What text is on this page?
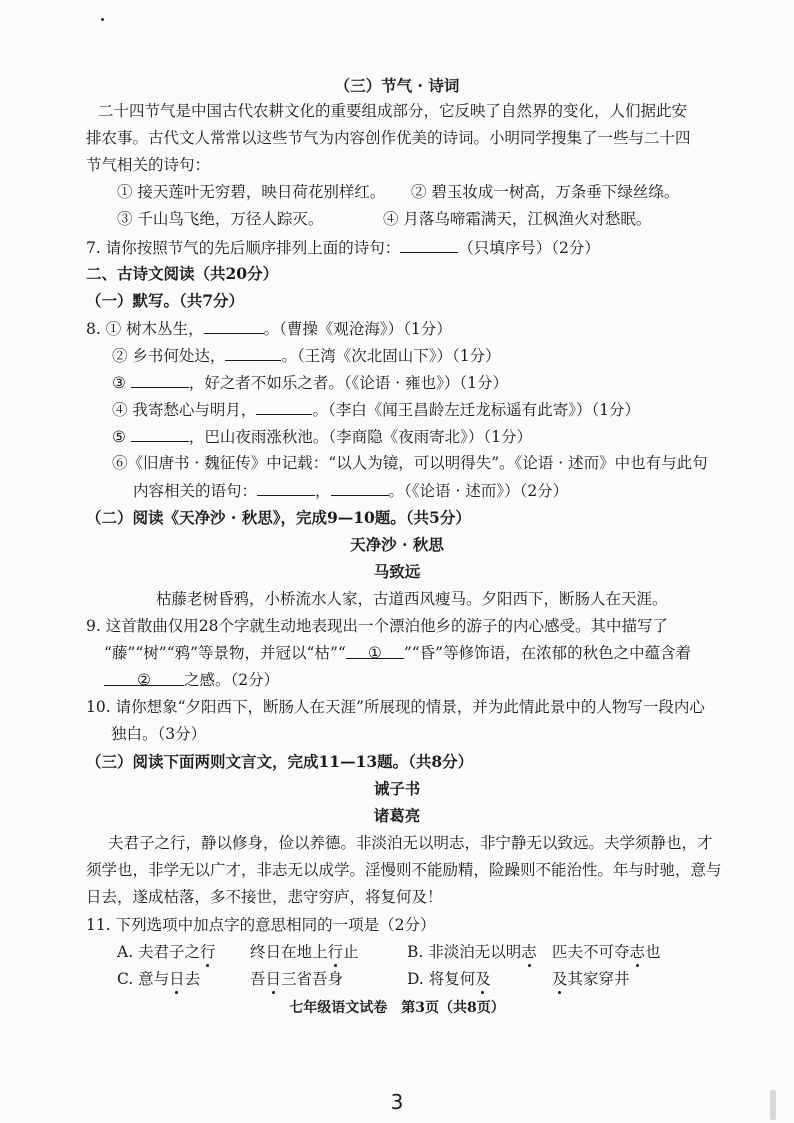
（三）节气 · 诗词
二十四节气是中国古代农耕文化的重要组成部分，它反映了自然界的变化，人们据此安
排农事。古代文人常常以这些节气为内容创作优美的诗词。小明同学搜集了一些与二十四
节气相关的诗句：
① 接天莲叶无穷碧，映日荷花别样红。 ② 碧玉妆成一树高，万条垂下绿丝绦。
③ 千山鸟飞绝，万径人踪灭。	④ 月落乌啼霜满天，江枫渔火对愁眠。
7. 请你按照节气的先后顺序排列上面的诗句：	（只填序号）（2分）
二、古诗文阅读（共20分）
（一）默写。（共7分）
8. ① 树木丛生，	。（曹操《观沧海》）（1分）
② 乡书何处达，	。（王湾《次北固山下》）（1分）
③	，好之者不如乐之者。（《论语 · 雍也》）（1分）
④ 我寄愁心与明月，	。（李白《闻王昌龄左迁龙标遥有此寄》）（1分）
⑤	，巴山夜雨涨秋池。（李商隐《夜雨寄北》）（1分）
⑥《旧唐书 · 魏征传》中记载：“以人为镜，可以明得失”。《论语 · 述而》中也有与此句
内容相关的语句：	，	。（《论语 · 述而》）（2分）
（二）阅读《天净沙 · 秋思》，完成9—10题。（共5分）
天净沙 · 秋思
马致远
枯藤老树昏鸦，小桥流水人家，古道西风瘦马。夕阳西下，断肠人在天涯。
9. 这首散曲仅用28个字就生动地表现出一个漂泊他乡的游子的内心感受。其中描写了
“藤”“树”“鸦”等景物，并冠以“枯”“ ① ”“昏”等修饰语，在浓郁的秋色之中蕴含着
② 之感。（2分）
10. 请你想象“夕阳西下，断肠人在天涯”所展现的情景，并为此情此景中的人物写一段内心
独白。（3分）
（三）阅读下面两则文言文，完成11—13题。（共8分）
诫子书
诸葛亮
夫君子之行，静以修身，俭以养德。非淡泊无以明志，非宁静无以致远。夫学须静也，才
须学也，非学无以广才，非志无以成学。淫慢则不能励精，险躁则不能治性。年与时驰，意与
日去，遂成枯落，多不接世，悲守穷庐，将复何及！
11. 下列选项中加点字的意思相同的一项是（2分）
A. 夫君子之行 终日在地上行止	B. 非淡泊无以明志 匹夫不可夺志也
C. 意与日去	吾日三省吾身	D. 将复何及	及其家穿井
七年级语文试卷　第3页（共8页）
3
